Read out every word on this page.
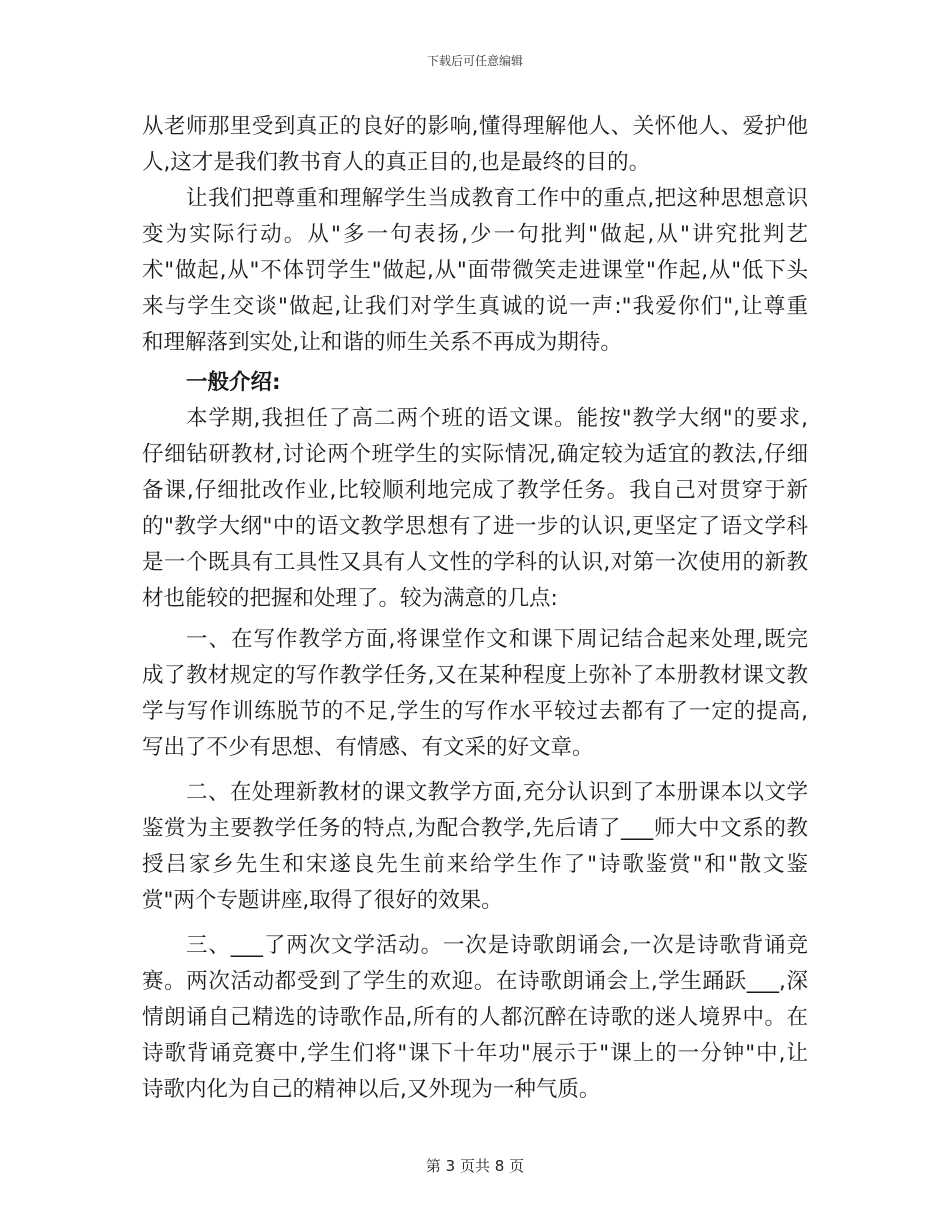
下载后可任意编辑
从老师那里受到真正的良好的影响,懂得理解他人、关怀他人、爱护他
人,这才是我们教书育人的真正目的,也是最终的目的。
让我们把尊重和理解学生当成教育工作中的重点,把这种思想意识
变为实际行动。从"多一句表扬,少一句批判"做起,从"讲究批判艺
术"做起,从"不体罚学生"做起,从"面带微笑走进课堂"作起,从"低下头
来与学生交谈"做起,让我们对学生真诚的说一声:"我爱你们",让尊重
和理解落到实处,让和谐的师生关系不再成为期待。
一般介绍:
本学期,我担任了高二两个班的语文课。能按"教学大纲"的要求,
仔细钻研教材,讨论两个班学生的实际情况,确定较为适宜的教法,仔细
备课,仔细批改作业,比较顺利地完成了教学任务。我自己对贯穿于新
的"教学大纲"中的语文教学思想有了进一步的认识,更坚定了语文学科
是一个既具有工具性又具有人文性的学科的认识,对第一次使用的新教
材也能较的把握和处理了。较为满意的几点:
一、在写作教学方面,将课堂作文和课下周记结合起来处理,既完
成了教材规定的写作教学任务,又在某种程度上弥补了本册教材课文教
学与写作训练脱节的不足,学生的写作水平较过去都有了一定的提高,
写出了不少有思想、有情感、有文采的好文章。
二、在处理新教材的课文教学方面,充分认识到了本册课本以文学
鉴赏为主要教学任务的特点,为配合教学,先后请了___师大中文系的教
授吕家乡先生和宋遂良先生前来给学生作了"诗歌鉴赏"和"散文鉴
赏"两个专题讲座,取得了很好的效果。
三、___了两次文学活动。一次是诗歌朗诵会,一次是诗歌背诵竞
赛。两次活动都受到了学生的欢迎。在诗歌朗诵会上,学生踊跃___,深
情朗诵自己精选的诗歌作品,所有的人都沉醉在诗歌的迷人境界中。在
诗歌背诵竞赛中,学生们将"课下十年功"展示于"课上的一分钟"中,让
诗歌内化为自己的精神以后,又外现为一种气质。
第 3 页共 8 页
